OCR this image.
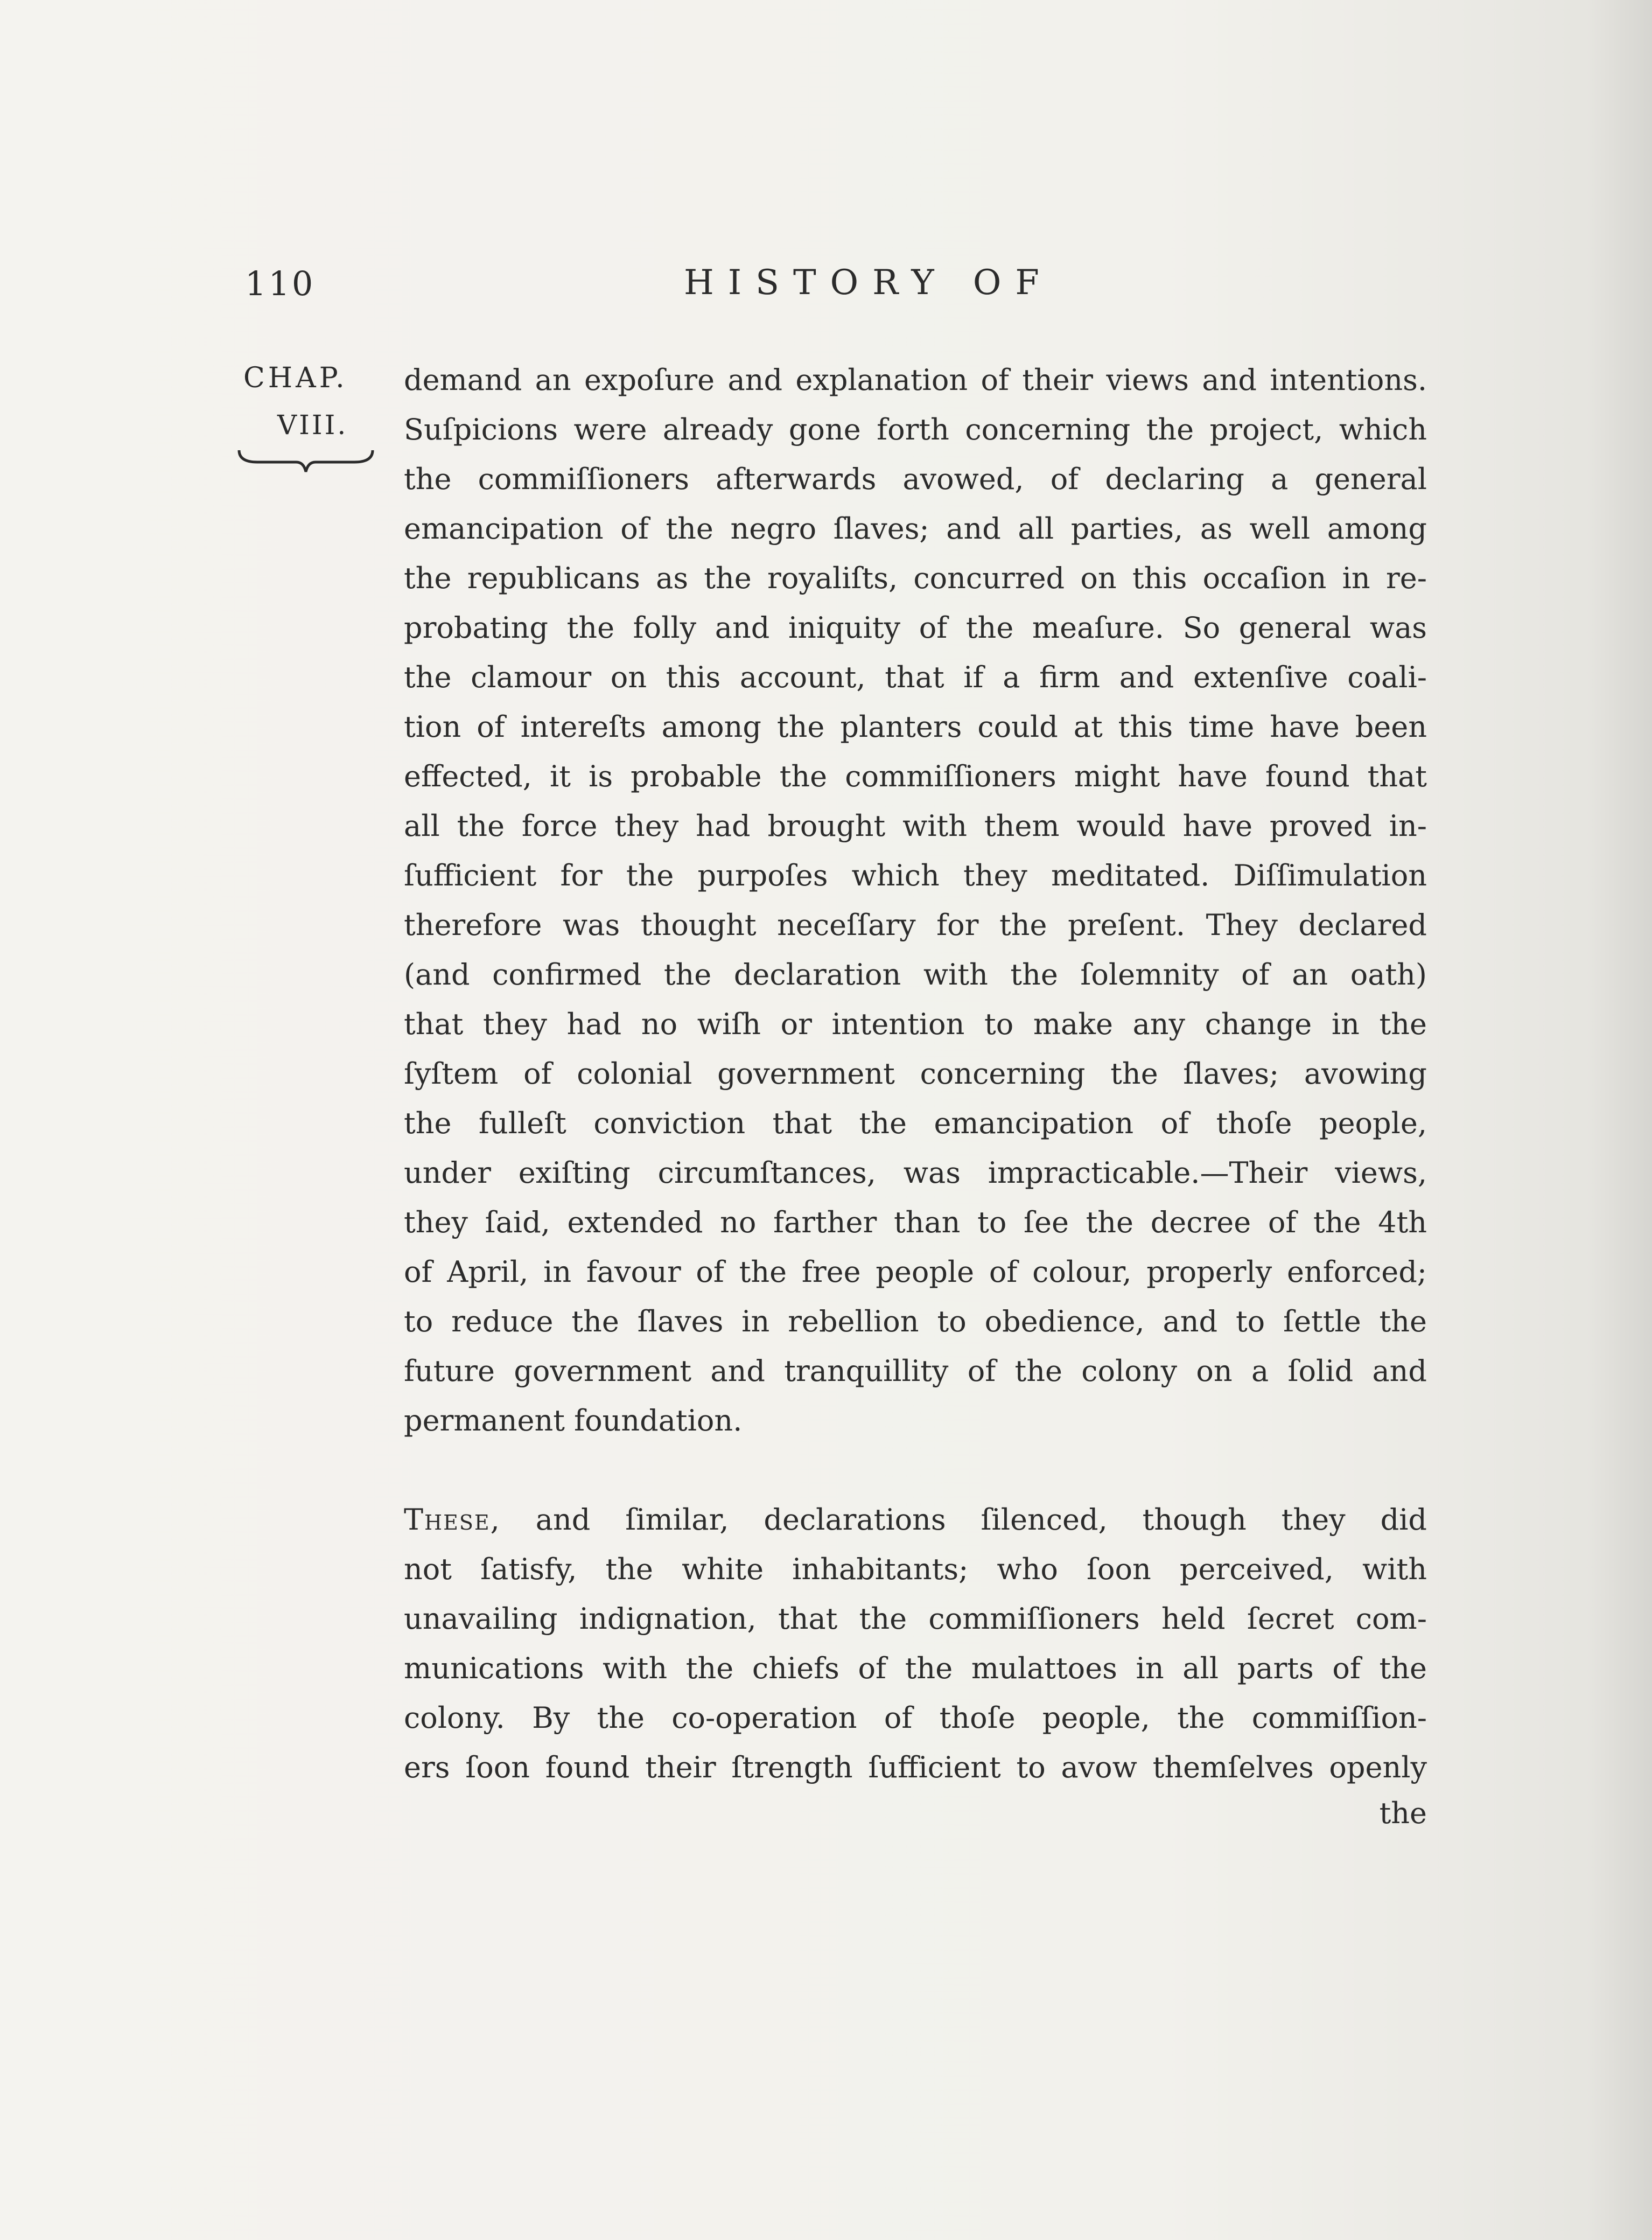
110	HISTORY OF
CHAP.
VIII.
demand an expoſure and explanation of their views and intentions.
Suſpicions were already gone forth concerning the project, which
the commiſſioners afterwards avowed, of declaring a general
emancipation of the negro ſlaves; and all parties, as well among
the republicans as the royaliſts, concurred on this occaſion in re-
probating the folly and iniquity of the meaſure. So general was
the clamour on this account, that if a firm and extenſive coali-
tion of intereſts among the planters could at this time have been
effected, it is probable the commiſſioners might have found that
all the force they had brought with them would have proved in-
ſufficient for the purpoſes which they meditated. Diſſimulation
therefore was thought neceſſary for the preſent. They declared
(and confirmed the declaration with the ſolemnity of an oath)
that they had no wiſh or intention to make any change in the
ſyſtem of colonial government concerning the ſlaves; avowing
the fulleſt conviction that the emancipation of thoſe people,
under exiſting circumſtances, was impracticable.—Their views,
they ſaid, extended no farther than to ſee the decree of the 4th
of April, in favour of the free people of colour, properly enforced;
to reduce the ſlaves in rebellion to obedience, and to ſettle the
future government and tranquillity of the colony on a ſolid and
permanent foundation.
These, and ſimilar, declarations ſilenced, though they did
not ſatisfy, the white inhabitants; who ſoon perceived, with
unavailing indignation, that the commiſſioners held ſecret com-
munications with the chiefs of the mulattoes in all parts of the
colony. By the co-operation of thoſe people, the commiſſion-
ers ſoon found their ſtrength ſufficient to avow themſelves openly
the
